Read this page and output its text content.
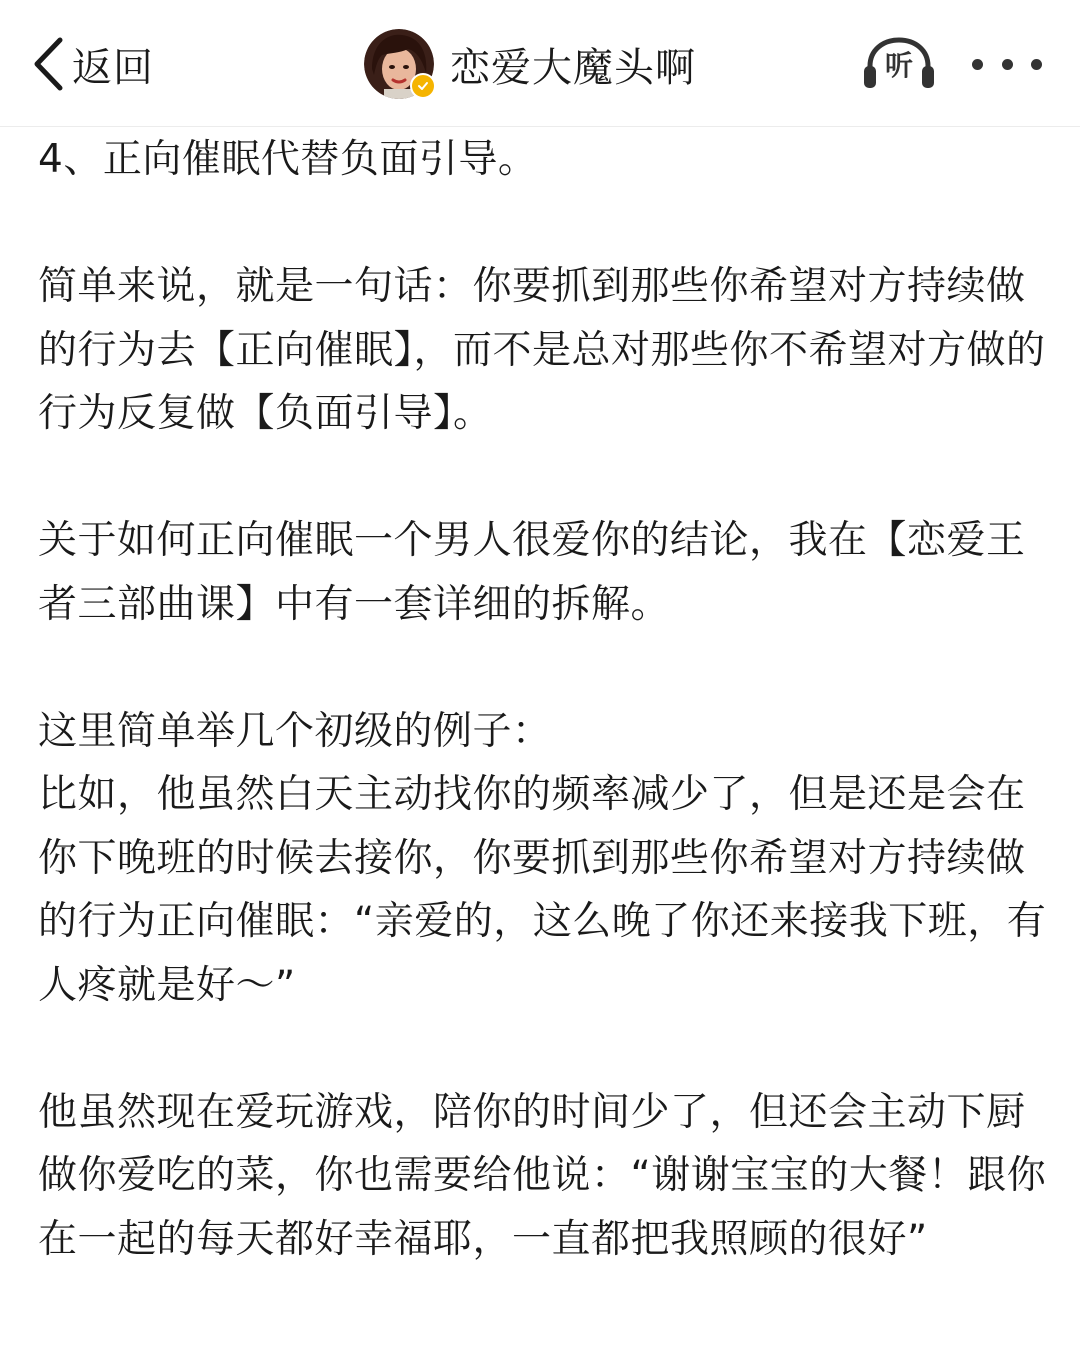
返回	恋爱大魔头啊	听

4、正向催眠代替负面引导。

简单来说，就是一句话：你要抓到那些你希望对方持续做的行为去【正向催眠】，而不是总对那些你不希望对方做的行为反复做【负面引导】。

关于如何正向催眠一个男人很爱你的结论，我在【恋爱王者三部曲课】中有一套详细的拆解。

这里简单举几个初级的例子：

比如，他虽然白天主动找你的频率减少了，但是还是会在你下晚班的时候去接你，你要抓到那些你希望对方持续做的行为正向催眠：“亲爱的，这么晚了你还来接我下班，有人疼就是好～”

他虽然现在爱玩游戏，陪你的时间少了，但还会主动下厨做你爱吃的菜，你也需要给他说：“谢谢宝宝的大餐！跟你在一起的每天都好幸福耶，一直都把我照顾的很好”
